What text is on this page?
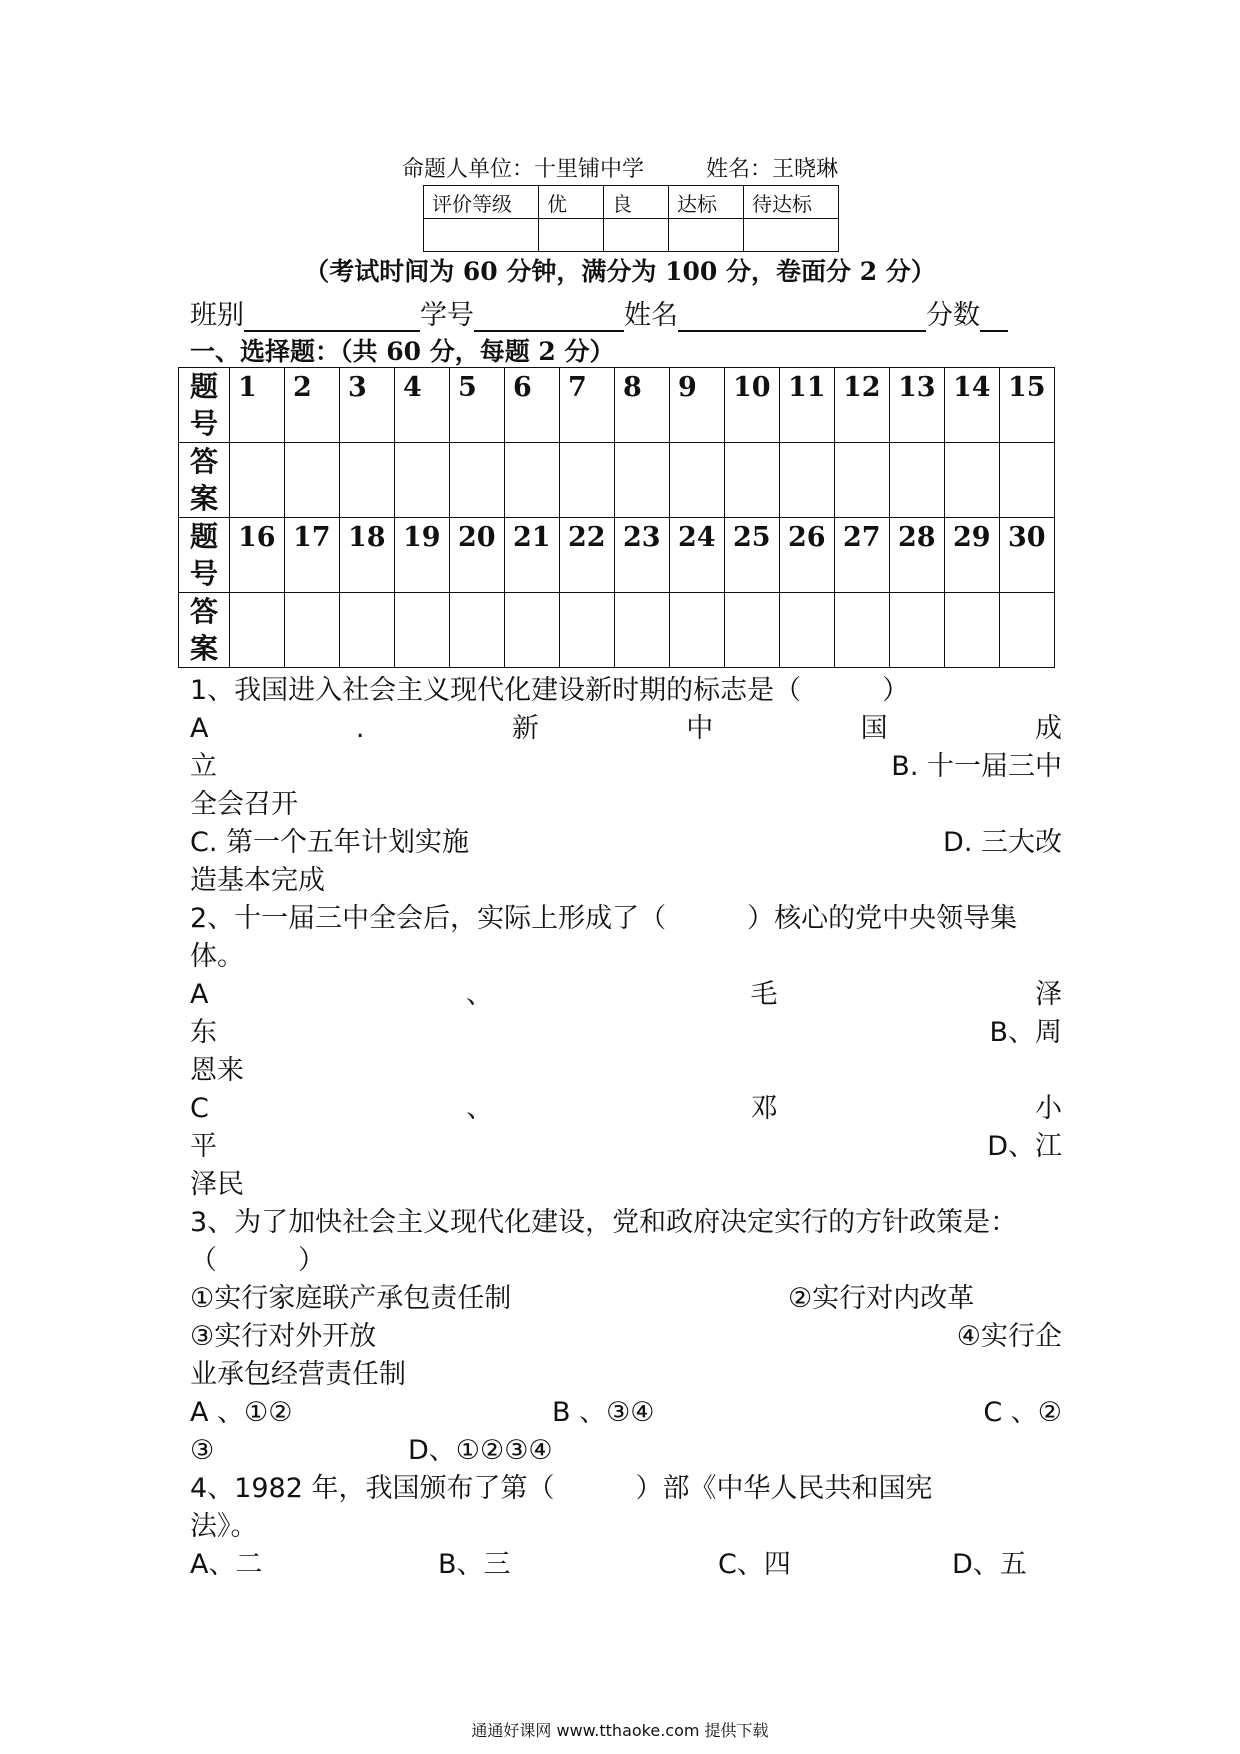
命题人单位：十里铺中学	姓名：王晓琳
评价等级	优	良	达标	待达标

（考试时间为 60 分钟，满分为 100 分，卷面分 2 分）
班别	学号	姓名	分数
一、选择题：（共 60 分，每题 2 分）
题
号	1	2	3	4	5	6	7	8	9	10	11	12	13	14	15
答
案															
题
号	16	17	18	19	20	21	22	23	24	25	26	27	28	29	30
答
案															
1、我国进入社会主义现代化建设新时期的标志是（　　　）
A	.	新	中	国	成
立	B. 十一届三中
全会召开
C. 第一个五年计划实施	D. 三大改
造基本完成
2、十一届三中全会后，实际上形成了（　　　）核心的党中央领导集
体。
A	、	毛	泽
东	B、周
恩来
C	、	邓	小
平	D、江
泽民
3、为了加快社会主义现代化建设，党和政府决定实行的方针政策是：
（　　　）
①实行家庭联产承包责任制	②实行对内改革
③实行对外开放	④实行企
业承包经营责任制
A 、①②	B 、③④	C 、②
③	D、①②③④
4、1982 年，我国颁布了第（　　　）部《中华人民共和国宪
法》。
A、二	B、三	C、四	D、五
通通好课网 www.tthaoke.com 提供下载
